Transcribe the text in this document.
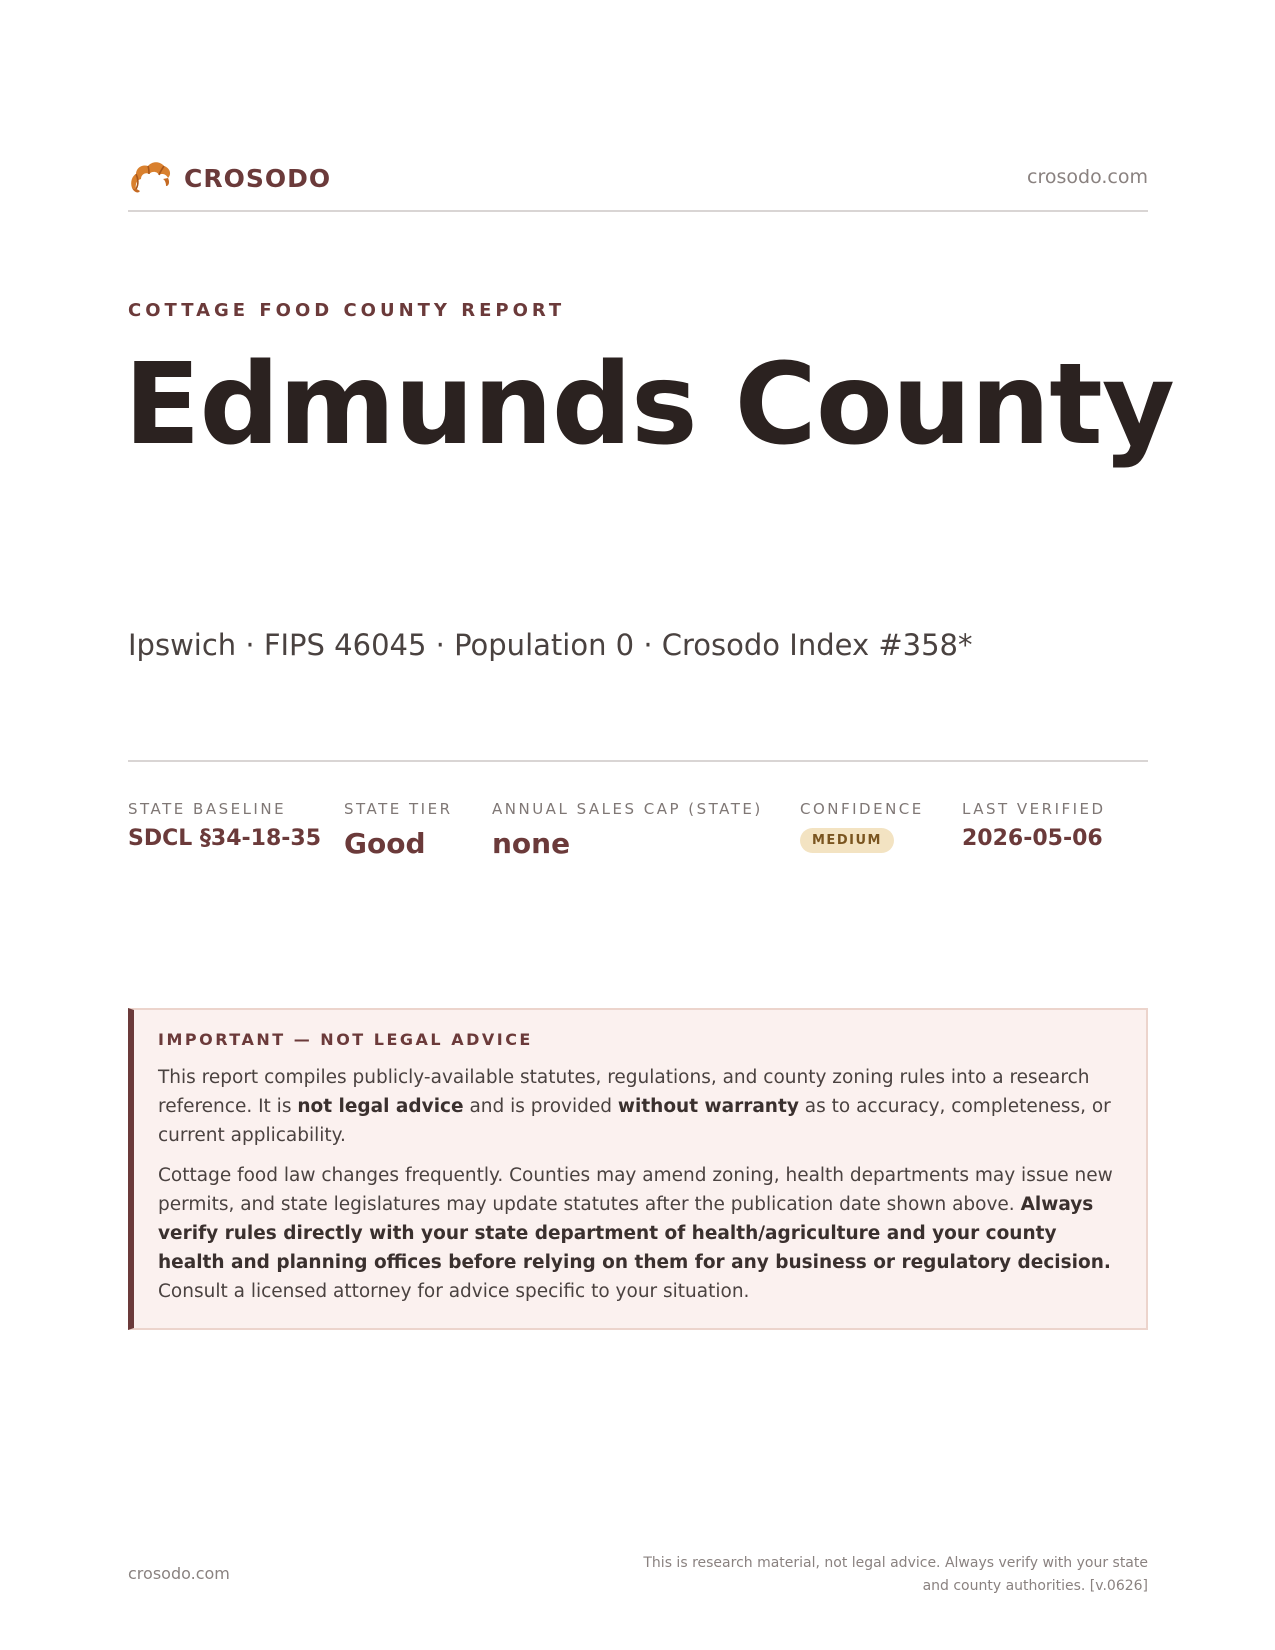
CROSODO	crosodo.com
COTTAGE FOOD COUNTY REPORT
Edmunds County
Ipswich · FIPS 46045 · Population 0 · Crosodo Index #358*
STATE BASELINE
SDCL §34-18-35
STATE TIER
Good
ANNUAL SALES CAP (STATE)
none
CONFIDENCE
MEDIUM
LAST VERIFIED
2026-05-06
IMPORTANT — NOT LEGAL ADVICE

This report compiles publicly-available statutes, regulations, and county zoning rules into a research reference. It is not legal advice and is provided without warranty as to accuracy, completeness, or current applicability.

Cottage food law changes frequently. Counties may amend zoning, health departments may issue new permits, and state legislatures may update statutes after the publication date shown above. Always verify rules directly with your state department of health/agriculture and your county health and planning offices before relying on them for any business or regulatory decision. Consult a licensed attorney for advice specific to your situation.

crosodo.com
This is research material, not legal advice. Always verify with your state
and county authorities. [v.0626]
